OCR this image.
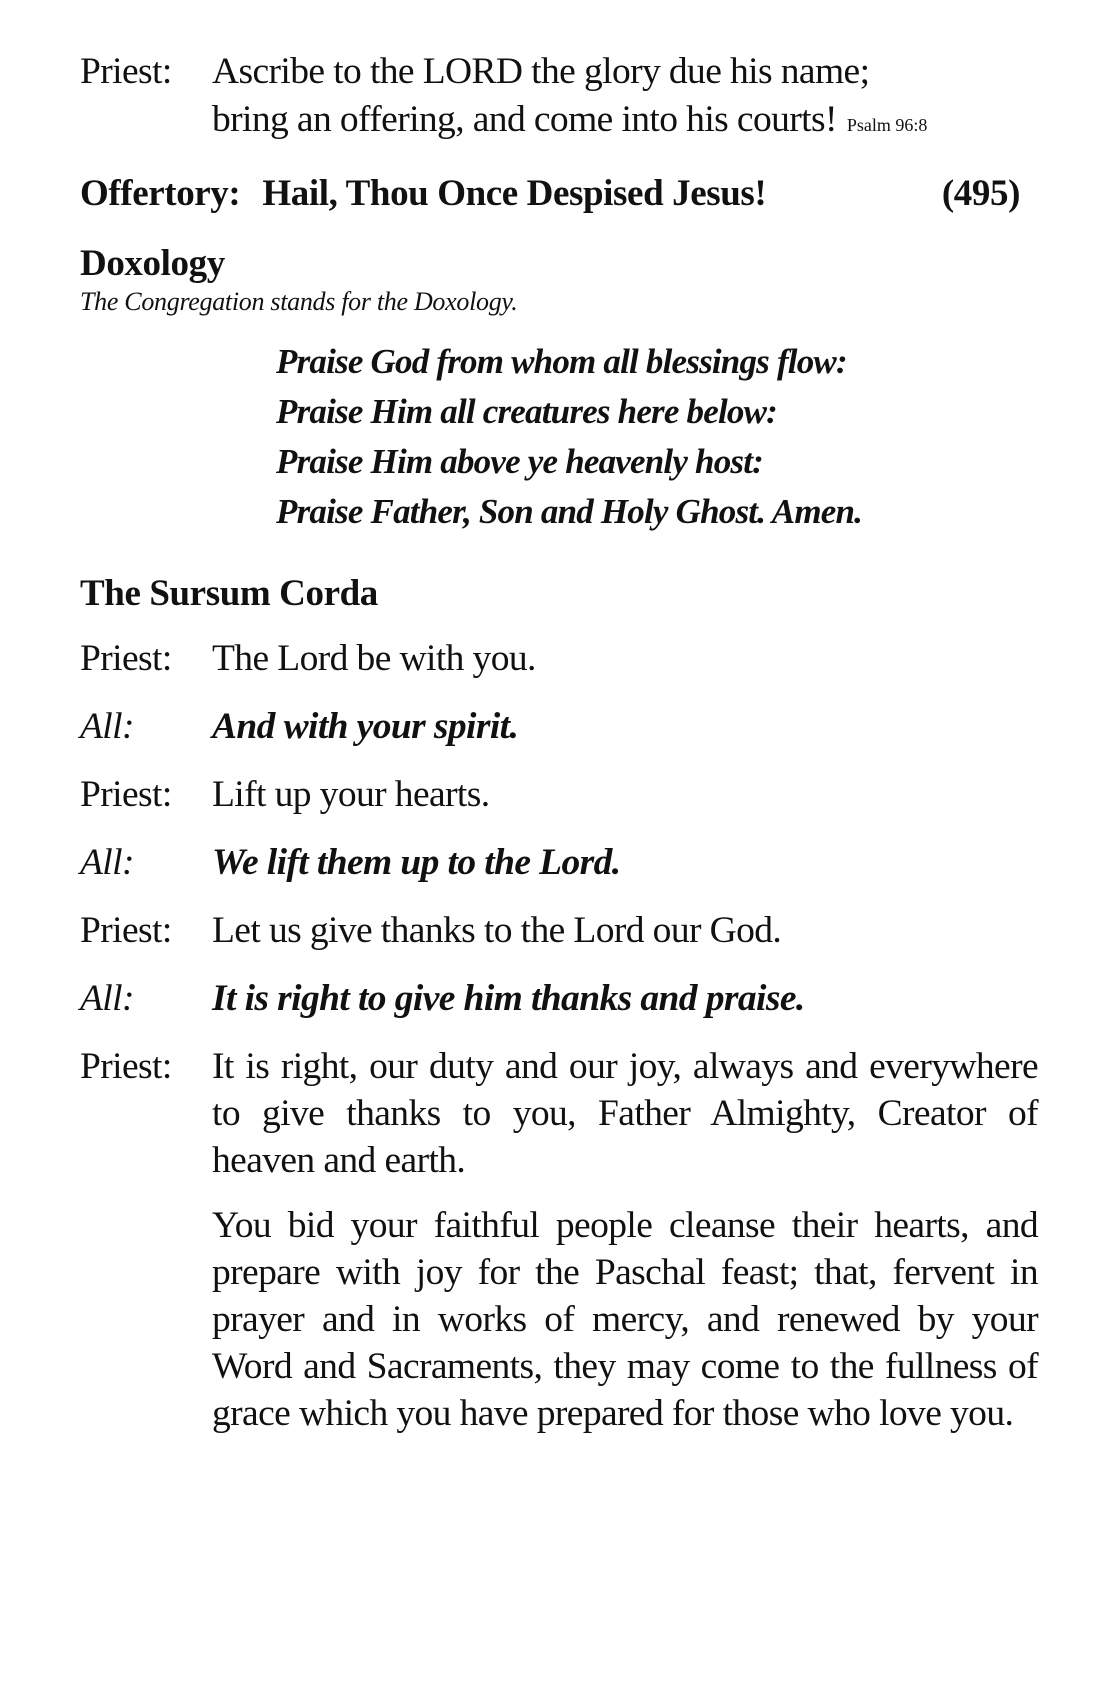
Priest:	Ascribe to the LORD the glory due his name;
bring an offering, and come into his courts! Psalm 96:8
Offertory: Hail, Thou Once Despised Jesus!	(495)
Doxology
The Congregation stands for the Doxology.
Praise God from whom all blessings flow:
Praise Him all creatures here below:
Praise Him above ye heavenly host:
Praise Father, Son and Holy Ghost. Amen.
The Sursum Corda
Priest:	The Lord be with you.
All:	And with your spirit.
Priest:	Lift up your hearts.
All:	We lift them up to the Lord.
Priest:	Let us give thanks to the Lord our God.
All:	It is right to give him thanks and praise.
Priest:	It is right, our duty and our joy, always and everywhere to give thanks to you, Father Almighty, Creator of heaven and earth.
You bid your faithful people cleanse their hearts, and prepare with joy for the Paschal feast; that, fervent in prayer and in works of mercy, and renewed by your Word and Sacraments, they may come to the fullness of grace which you have prepared for those who love you.
